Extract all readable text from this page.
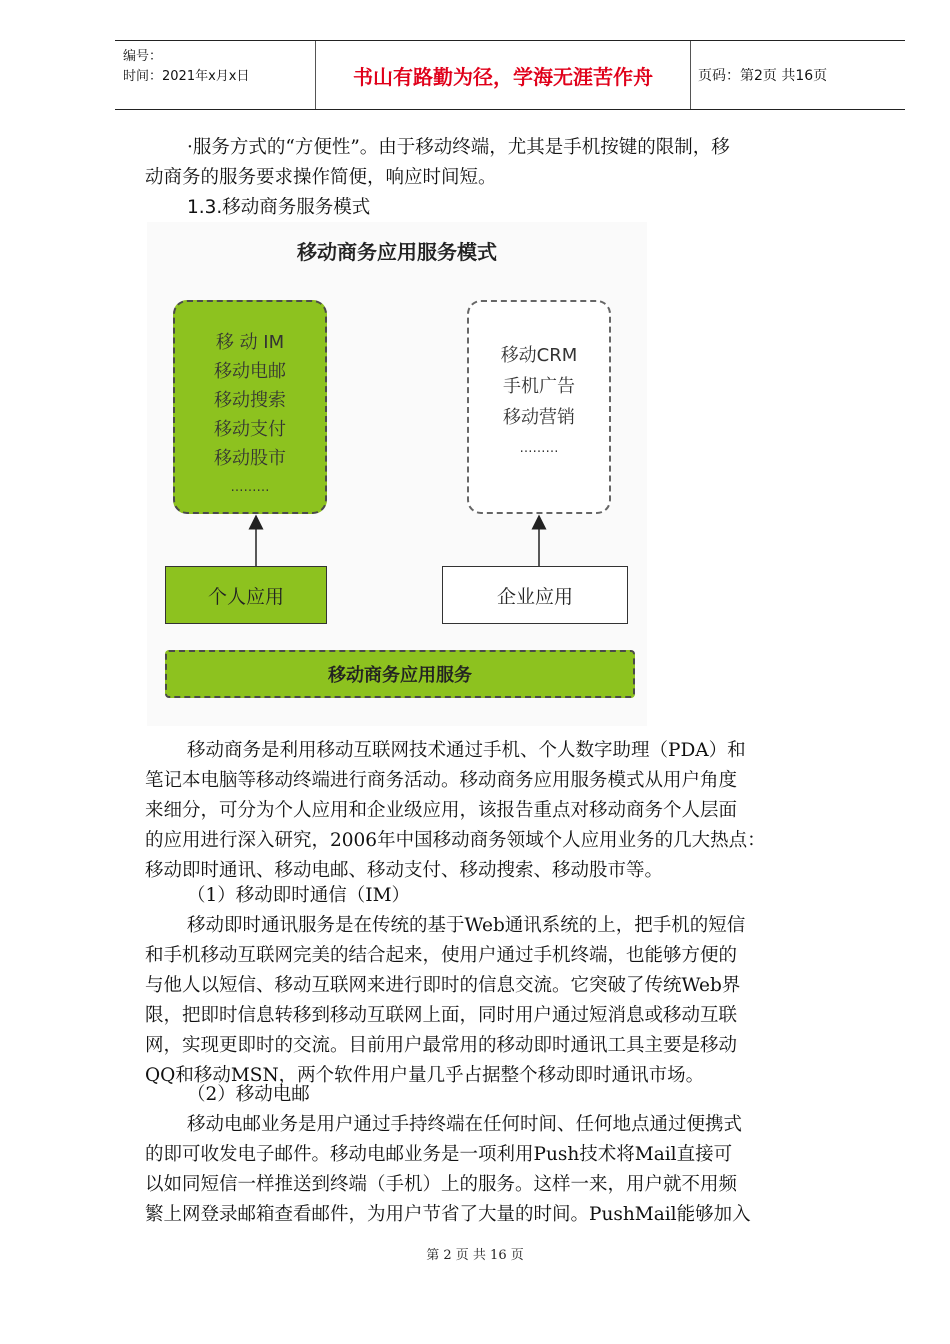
编号：
时间：2021年x月x日	书山有路勤为径，学海无涯苦作舟	页码：第2页 共16页
·服务方式的“方便性”。由于移动终端，尤其是手机按键的限制，移
动商务的服务要求操作简便，响应时间短。
1.3.移动商务服务模式
移动商务应用服务模式
移 动 IM
移动电邮
移动搜索
移动支付
移动股市
………
移动CRM
手机广告
移动营销
………
个人应用	企业应用
移动商务应用服务
移动商务是利用移动互联网技术通过手机、个人数字助理（PDA）和
笔记本电脑等移动终端进行商务活动。移动商务应用服务模式从用户角度
来细分，可分为个人应用和企业级应用，该报告重点对移动商务个人层面
的应用进行深入研究，2006年中国移动商务领域个人应用业务的几大热点：
移动即时通讯、移动电邮、移动支付、移动搜索、移动股市等。
（1）移动即时通信（IM）
移动即时通讯服务是在传统的基于Web通讯系统的上，把手机的短信
和手机移动互联网完美的结合起来，使用户通过手机终端，也能够方便的
与他人以短信、移动互联网来进行即时的信息交流。它突破了传统Web界
限，把即时信息转移到移动互联网上面，同时用户通过短消息或移动互联
网，实现更即时的交流。目前用户最常用的移动即时通讯工具主要是移动
QQ和移动MSN，两个软件用户量几乎占据整个移动即时通讯市场。
（2）移动电邮
移动电邮业务是用户通过手持终端在任何时间、任何地点通过便携式
的即可收发电子邮件。移动电邮业务是一项利用Push技术将Mail直接可
以如同短信一样推送到终端（手机）上的服务。这样一来，用户就不用频
繁上网登录邮箱查看邮件，为用户节省了大量的时间。PushMail能够加入
第 2 页 共 16 页
